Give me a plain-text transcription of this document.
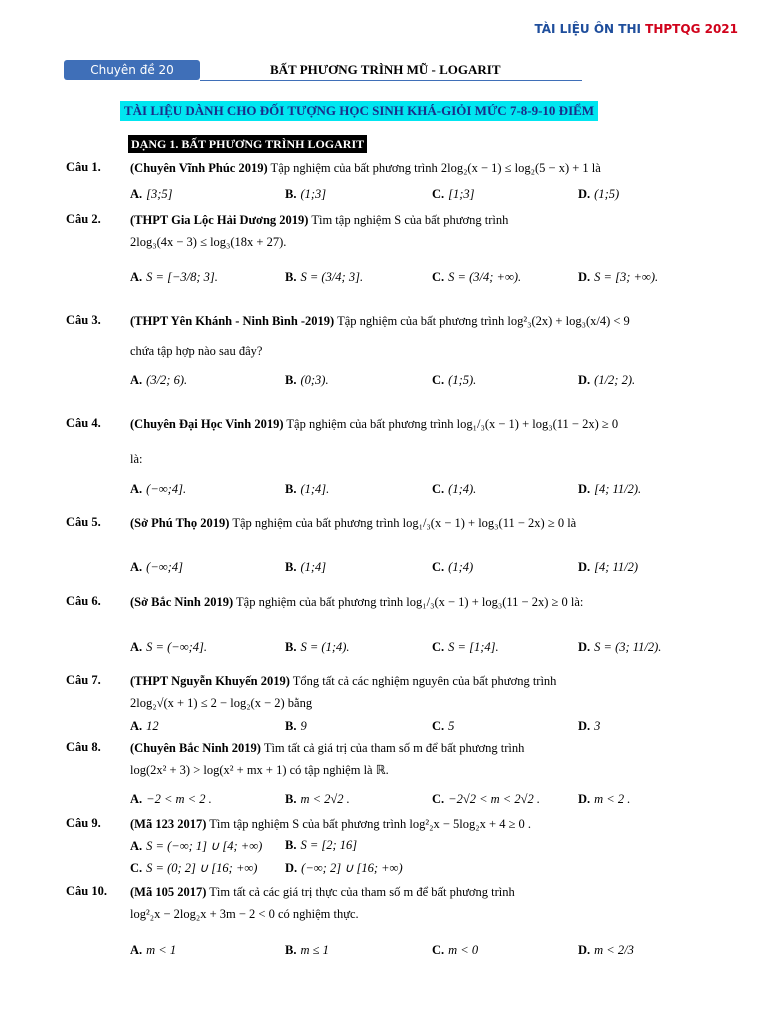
TÀI LIỆU ÔN THI THPTQG 2021
Chuyên đề 20	BẤT PHƯƠNG TRÌNH MŨ - LOGARIT
TÀI LIỆU DÀNH CHO ĐỐI TƯỢNG HỌC SINH KHÁ-GIỎI MỨC 7-8-9-10 ĐIỂM
DẠNG 1. BẤT PHƯƠNG TRÌNH LOGARIT
Câu 1. (Chuyên Vĩnh Phúc 2019) Tập nghiệm của bất phương trình 2log₂(x − 1) ≤ log₂(5 − x) + 1 là
A. [3;5]	B. (1;3]	C. [1;3]	D. (1;5)
Câu 2. (THPT Gia Lộc Hải Dương 2019) Tìm tập nghiệm S của bất phương trình
2log₃(4x − 3) ≤ log₃(18x + 27).
A. S = [−3/8; 3].	B. S = (3/4; 3].	C. S = (3/4; +∞).	D. S = [3; +∞).
Câu 3. (THPT Yên Khánh - Ninh Bình -2019) Tập nghiệm của bất phương trình log²₃(2x) + log₃(x/4) < 9
chứa tập hợp nào sau đây?
A. (3/2; 6).	B. (0;3).	C. (1;5).	D. (1/2; 2).
Câu 4. (Chuyên Đại Học Vinh 2019) Tập nghiệm của bất phương trình log₁/₃(x − 1) + log₃(11 − 2x) ≥ 0
là:
A. (−∞;4].	B. (1;4].	C. (1;4).	D. [4; 11/2).
Câu 5. (Sở Phú Thọ 2019) Tập nghiệm của bất phương trình log₁/₃(x − 1) + log₃(11 − 2x) ≥ 0 là
A. (−∞;4]	B. (1;4]	C. (1;4)	D. [4; 11/2)
Câu 6. (Sở Bắc Ninh 2019) Tập nghiệm của bất phương trình log₁/₃(x − 1) + log₃(11 − 2x) ≥ 0 là:
A. S = (−∞;4].	B. S = (1;4).	C. S = [1;4].	D. S = (3; 11/2).
Câu 7. (THPT Nguyễn Khuyến 2019) Tổng tất cả các nghiệm nguyên của bất phương trình
2log₂√(x + 1) ≤ 2 − log₂(x − 2) bằng
A. 12	B. 9	C. 5	D. 3
Câu 8. (Chuyên Bắc Ninh 2019) Tìm tất cả giá trị của tham số m để bất phương trình
log(2x² + 3) > log(x² + mx + 1) có tập nghiệm là ℝ.
A. −2 < m < 2 .	B. m < 2√2 .	C. −2√2 < m < 2√2 .	D. m < 2 .
Câu 9. (Mã 123 2017) Tìm tập nghiệm S của bất phương trình log²₂x − 5log₂x + 4 ≥ 0 .
A. S = (−∞; 1] ∪ [4; +∞) B. S = [2; 16]
C. S = (0; 2] ∪ [16; +∞) D. (−∞; 2] ∪ [16; +∞)
Câu 10. (Mã 105 2017) Tìm tất cả các giá trị thực của tham số m để bất phương trình
log²₂x − 2log₂x + 3m − 2 < 0 có nghiệm thực.
A. m < 1	B. m ≤ 1	C. m < 0	D. m < 2/3
